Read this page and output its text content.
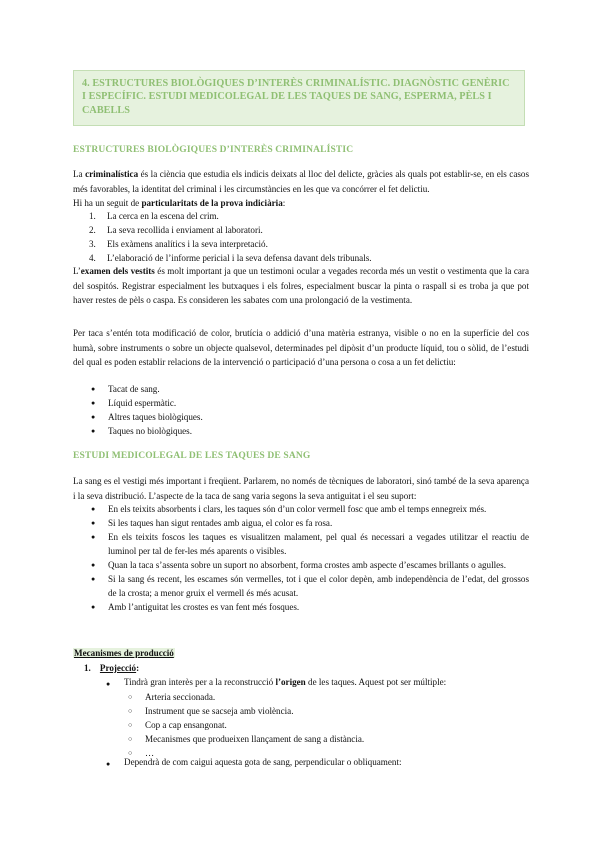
4. ESTRUCTURES BIOLÒGIQUES D’INTERÈS CRIMINALÍSTIC. DIAGNÒSTIC GENÈRIC I ESPECÍFIC. ESTUDI MEDICOLEGAL DE LES TAQUES DE SANG, ESPERMA, PÈLS I CABELLS
ESTRUCTURES BIOLÒGIQUES D’INTERÈS CRIMINALÍSTIC
La criminalística és la ciència que estudia els indicis deixats al lloc del delicte, gràcies als quals pot establir-se, en els casos més favorables, la identitat del criminal i les circumstàncies en les que va concórrer el fet delictiu.
Hi ha un seguit de particularitats de la prova indiciària:
1. La cerca en la escena del crim.
2. La seva recollida i enviament al laboratori.
3. Els exàmens analítics i la seva interpretació.
4. L’elaboració de l’informe pericial i la seva defensa davant dels tribunals.
L’examen dels vestits és molt important ja que un testimoni ocular a vegades recorda més un vestit o vestimenta que la cara del sospitós. Registrar especialment les butxaques i els folres, especialment buscar la pinta o raspall si es troba ja que pot haver restes de pèls o caspa. Es consideren les sabates com una prolongació de la vestimenta.
Per taca s’entén tota modificació de color, brutícia o addició d’una matèria estranya, visible o no en la superfície del cos humà, sobre instruments o sobre un objecte qualsevol, determinades pel dipòsit d’un producte líquid, tou o sòlid, de l’estudi del qual es poden establir relacions de la intervenció o participació d’una persona o cosa a un fet delictiu:
● Tacat de sang.
● Líquid espermàtic.
● Altres taques biològiques.
● Taques no biològiques.
ESTUDI MEDICOLEGAL DE LES TAQUES DE SANG
La sang es el vestigi més important i freqüent. Parlarem, no només de tècniques de laboratori, sinó també de la seva aparença i la seva distribució. L’aspecte de la taca de sang varia segons la seva antiguitat i el seu suport:
● En els teixits absorbents i clars, les taques són d’un color vermell fosc que amb el temps ennegreix més.
● Si les taques han sigut rentades amb aigua, el color es fa rosa.
● En els teixits foscos les taques es visualitzen malament, pel qual és necessari a vegades utilitzar el reactiu de luminol per tal de fer-les més aparents o visibles.
● Quan la taca s’assenta sobre un suport no absorbent, forma crostes amb aspecte d’escames brillants o agulles.
● Si la sang és recent, les escames són vermelles, tot i que el color depèn, amb independència de l’edat, del grossos de la crosta; a menor gruix el vermell és més acusat.
● Amb l’antiguitat les crostes es van fent més fosques.
Mecanismes de producció
1. Projecció:
● Tindrà gran interès per a la reconstrucció l’origen de les taques. Aquest pot ser múltiple:
○ Arteria seccionada.
○ Instrument que se sacseja amb violència.
○ Cop a cap ensangonat.
○ Mecanismes que produeixen llançament de sang a distància.
○ …
● Dependrà de com caigui aquesta gota de sang, perpendicular o obliquament:
